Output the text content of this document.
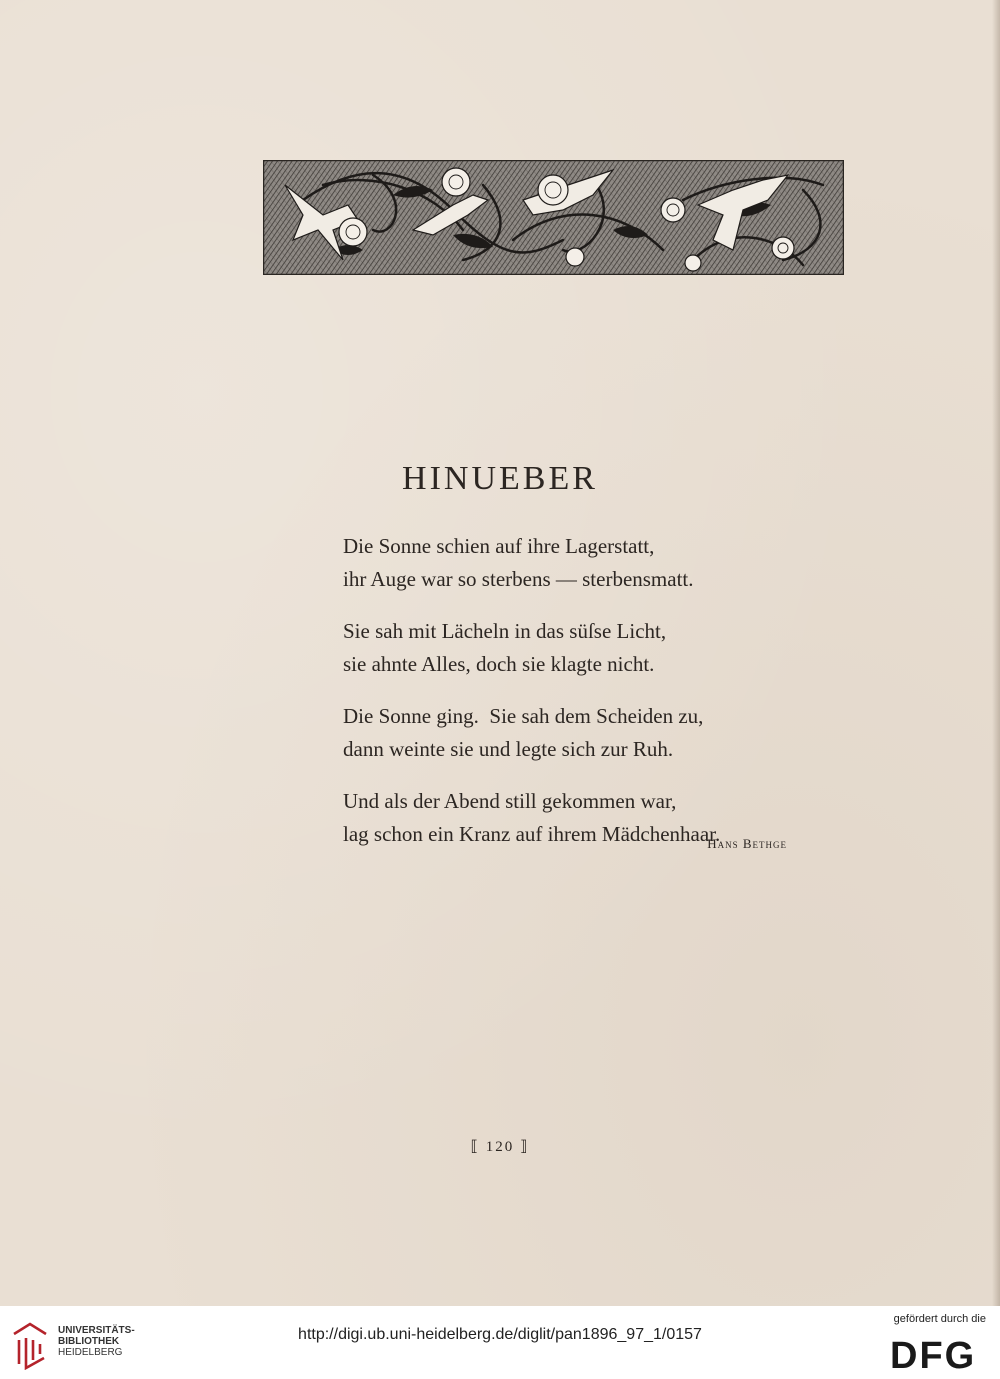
HINUEBER

Die Sonne schien auf ihre Lagerstatt,
ihr Auge war so sterbens — sterbensmatt.

Sie sah mit Lächeln in das süſse Licht,
sie ahnte Alles, doch sie klagte nicht.

Die Sonne ging.  Sie sah dem Scheiden zu,
dann weinte sie und legte sich zur Ruh.

Und als der Abend still gekommen war,
lag schon ein Kranz auf ihrem Mädchenhaar.

Hans Bethge
⟦ 120 ⟧
UNIVERSITÄTS-
BIBLIOTHEK
HEIDELBERG
http://digi.ub.uni-heidelberg.de/diglit/pan1896_97_1/0157
gefördert durch die
DFG
